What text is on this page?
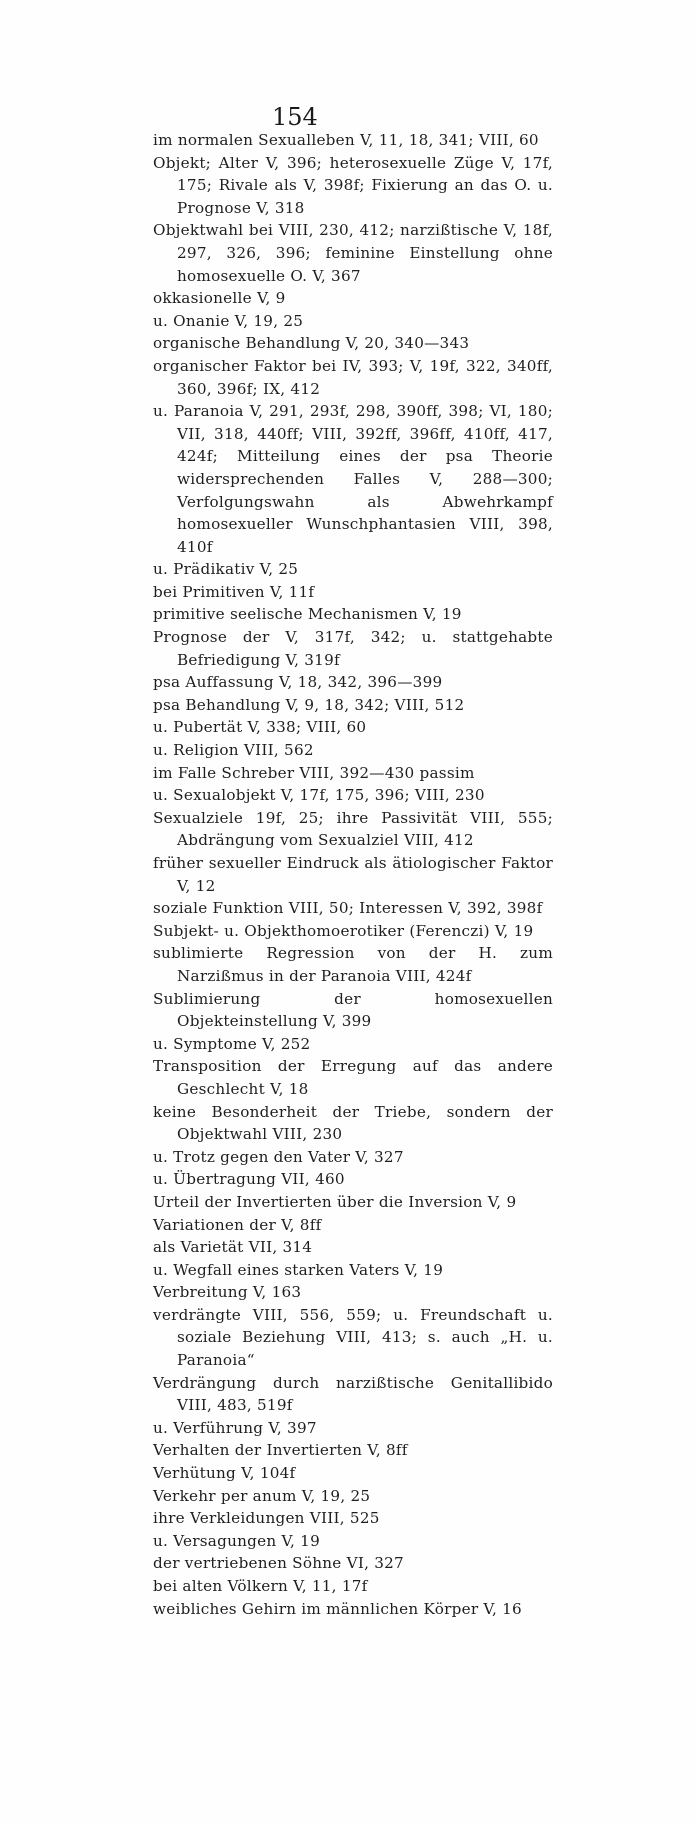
154

im normalen Sexualleben V, 11, 18, 341; VIII, 60

Objekt; Alter V, 396; heterosexuelle Züge V, 17f, 175; Rivale als V, 398f; Fixierung an das O. u. Prognose V, 318

Objektwahl bei VIII, 230, 412; narzißtische V, 18f, 297, 326, 396; feminine Einstellung ohne homosexuelle O. V, 367

okkasionelle V, 9

u. Onanie V, 19, 25

organische Behandlung V, 20, 340—343

organischer Faktor bei IV, 393; V, 19f, 322, 340ff, 360, 396f; IX, 412

u. Paranoia V, 291, 293f, 298, 390ff, 398; VI, 180; VII, 318, 440ff; VIII, 392ff, 396ff, 410ff, 417, 424f; Mitteilung eines der psa Theorie widersprechenden Falles V, 288—300; Verfolgungswahn als Abwehrkampf homosexueller Wunschphantasien VIII, 398, 410f

u. Prädikativ V, 25

bei Primitiven V, 11f

primitive seelische Mechanismen V, 19

Prognose der V, 317f, 342; u. stattgehabte Befriedigung V, 319f

psa Auffassung V, 18, 342, 396—399

psa Behandlung V, 9, 18, 342; VIII, 512

u. Pubertät V, 338; VIII, 60

u. Religion VIII, 562

im Falle Schreber VIII, 392—430 passim

u. Sexualobjekt V, 17f, 175, 396; VIII, 230

Sexualziele 19f, 25; ihre Passivität VIII, 555; Abdrängung vom Sexualziel VIII, 412

früher sexueller Eindruck als ätiologischer Faktor V, 12

soziale Funktion VIII, 50; Interessen V, 392, 398f

Subjekt- u. Objekthomoerotiker (Ferenczi) V, 19

sublimierte Regression von der H. zum Narzißmus in der Paranoia VIII, 424f

Sublimierung der homosexuellen Objekteinstellung V, 399

u. Symptome V, 252

Transposition der Erregung auf das andere Geschlecht V, 18

keine Besonderheit der Triebe, sondern der Objektwahl VIII, 230

u. Trotz gegen den Vater V, 327

u. Übertragung VII, 460

Urteil der Invertierten über die Inversion V, 9

Variationen der V, 8ff

als Varietät VII, 314

u. Wegfall eines starken Vaters V, 19

Verbreitung V, 163

verdrängte VIII, 556, 559; u. Freundschaft u. soziale Beziehung VIII, 413; s. auch „H. u. Paranoia“

Verdrängung durch narzißtische Genitallibido VIII, 483, 519f

u. Verführung V, 397

Verhalten der Invertierten V, 8ff

Verhütung V, 104f

Verkehr per anum V, 19, 25

ihre Verkleidungen VIII, 525

u. Versagungen V, 19

der vertriebenen Söhne VI, 327

bei alten Völkern V, 11, 17f

weibliches Gehirn im männlichen Körper V, 16
